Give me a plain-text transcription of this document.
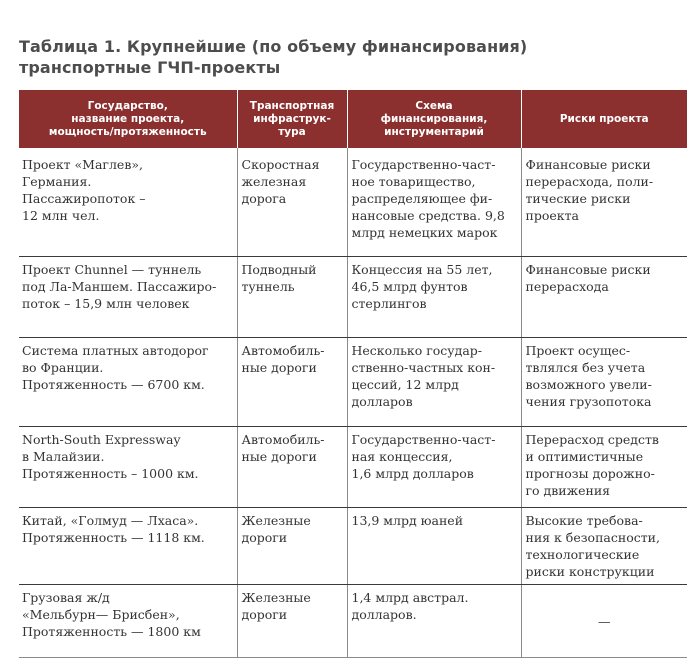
Таблица 1. Крупнейшие (по объему финансирования)
транспортные ГЧП-проекты
Государство,
название проекта,
мощность/протяженность	Транспортная
инфраструк-
тура	Схема
финансирования,
инструментарий	Риски проекта

Проект «Маглев»,
Германия.
Пассажиропоток –
12 млн чел.	Скоростная
железная
дорога	Государственно-част-
ное товарищество,
распределяющее фи-
нансовые средства. 9,8
млрд немецких марок	Финансовые риски
перерасхода, поли-
тические риски
проекта

Проект Chunnel — туннель
под Ла-Маншем. Пассажиро-
поток – 15,9 млн человек	Подводный
туннель	Концессия на 55 лет,
46,5 млрд фунтов
стерлингов	Финансовые риски
перерасхода

Система платных автодорог
во Франции.
Протяженность — 6700 км.	Автомобиль-
ные дороги	Несколько государ-
ственно-частных кон-
цессий, 12 млрд
долларов	Проект осущес-
твлялся без учета
возможного увели-
чения грузопотока

North-South Expressway
в Малайзии.
Протяженность – 1000 км.	Автомобиль-
ные дороги	Государственно-част-
ная концессия,
1,6 млрд долларов	Перерасход средств
и оптимистичные
прогнозы дорожно-
го движения

Китай, «Голмуд — Лхаса».
Протяженность — 1118 км.	Железные
дороги	13,9 млрд юаней	Высокие требова-
ния к безопасности,
технологические
риски конструкции

Грузовая ж/д
«Мельбурн— Брисбен»,
Протяженность — 1800 км	Железные
дороги	1,4 млрд австрал.
долларов.	—
